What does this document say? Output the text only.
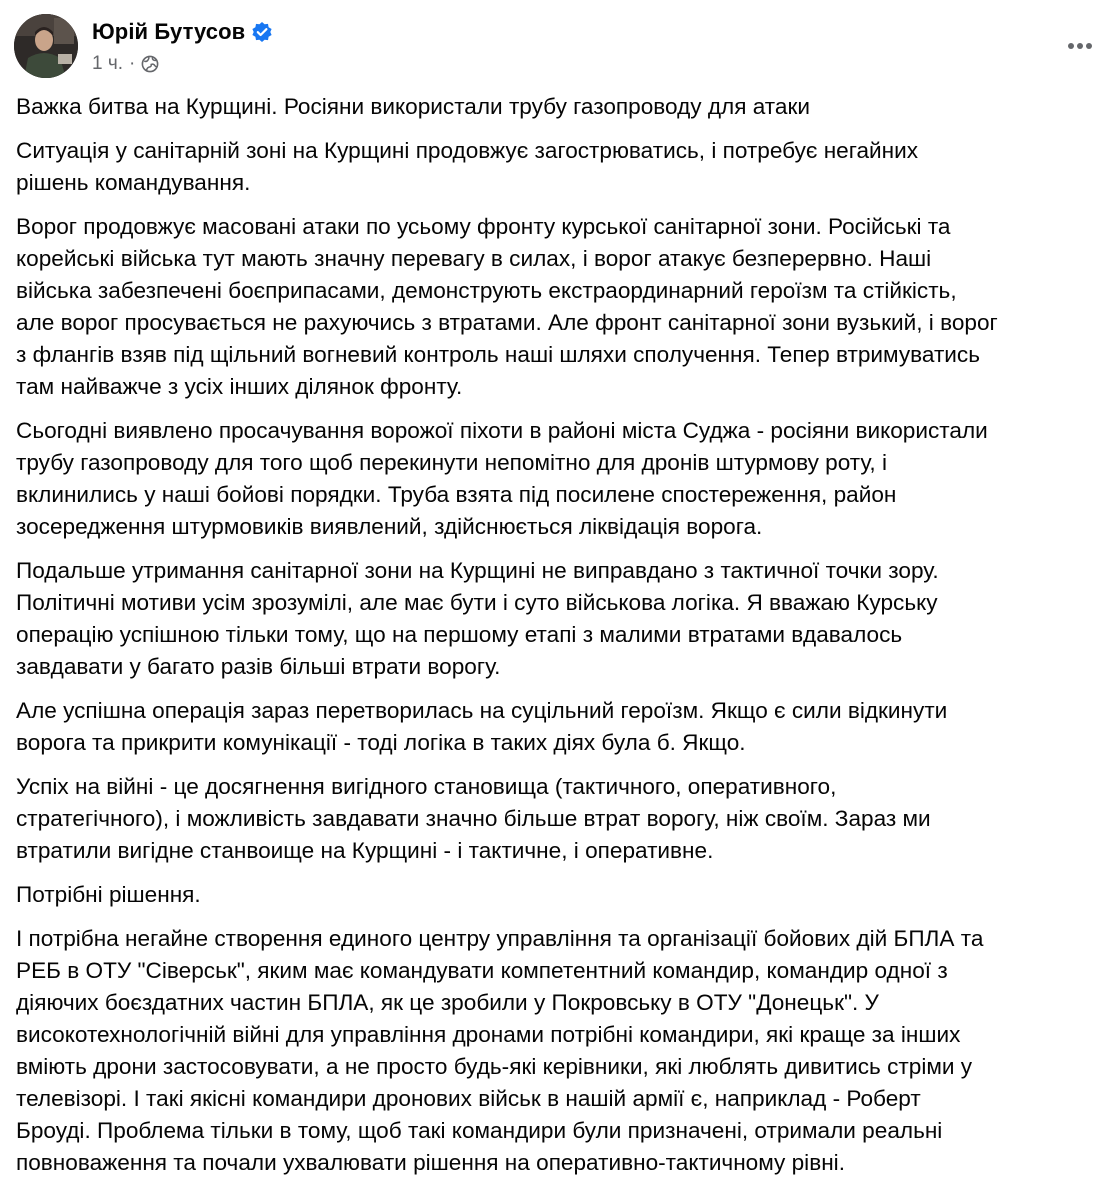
Юрій Бутусов
1 ч. ·

Важка битва на Курщині. Росіяни використали трубу газопроводу для атаки

Ситуація у санітарній зоні на Курщині продовжує загострюватись, і потребує негайних
рішень командування.

Ворог продовжує масовані атаки по усьому фронту курської санітарної зони. Російські та
корейські війська тут мають значну перевагу в силах, і ворог атакує безперервно. Наші
війська забезпечені боєприпасами, демонструють екстраординарний героїзм та стійкість,
але ворог просувається не рахуючись з втратами. Але фронт санітарної зони вузький, і ворог
з флангів взяв під щільний вогневий контроль наші шляхи сполучення. Тепер втримуватись
там найважче з усіх інших ділянок фронту.

Сьогодні виявлено просачування ворожої піхоти в районі міста Суджа - росіяни використали
трубу газопроводу для того щоб перекинути непомітно для дронів штурмову роту, і
вклинились у наші бойові порядки. Труба взята під посилене спостереження, район
зосередження штурмовиків виявлений, здійснюється ліквідація ворога.

Подальше утримання санітарної зони на Курщині не виправдано з тактичної точки зору.
Політичні мотиви усім зрозумілі, але має бути і суто військова логіка. Я вважаю Курську
операцію успішною тільки тому, що на першому етапі з малими втратами вдавалось
завдавати у багато разів більші втрати ворогу.

Але успішна операція зараз перетворилась на суцільний героїзм. Якщо є сили відкинути
ворога та прикрити комунікації - тоді логіка в таких діях була б. Якщо.

Успіх на війні - це досягнення вигідного становища (тактичного, оперативного,
стратегічного), і можливість завдавати значно більше втрат ворогу, ніж своїм. Зараз ми
втратили вигідне станвоище на Курщині - і тактичне, і оперативне.

Потрібні рішення.

І потрібна негайне створення единого центру управління та організації бойових дій БПЛА та
РЕБ в ОТУ "Сіверськ", яким має командувати компетентний командир, командир одної з
діяючих боєздатних частин БПЛА, як це зробили у Покровську в ОТУ "Донецьк". У
високотехнологічній війні для управління дронами потрібні командири, які краще за інших
вміють дрони застосовувати, а не просто будь-які керівники, які люблять дивитись стріми у
телевізорі. І такі якісні командири дронових військ в нашій армії є, наприклад - Роберт
Броуді. Проблема тільки в тому, щоб такі командири були призначені, отримали реальні
повноваження та почали ухвалювати рішення на оперативно-тактичному рівні.
